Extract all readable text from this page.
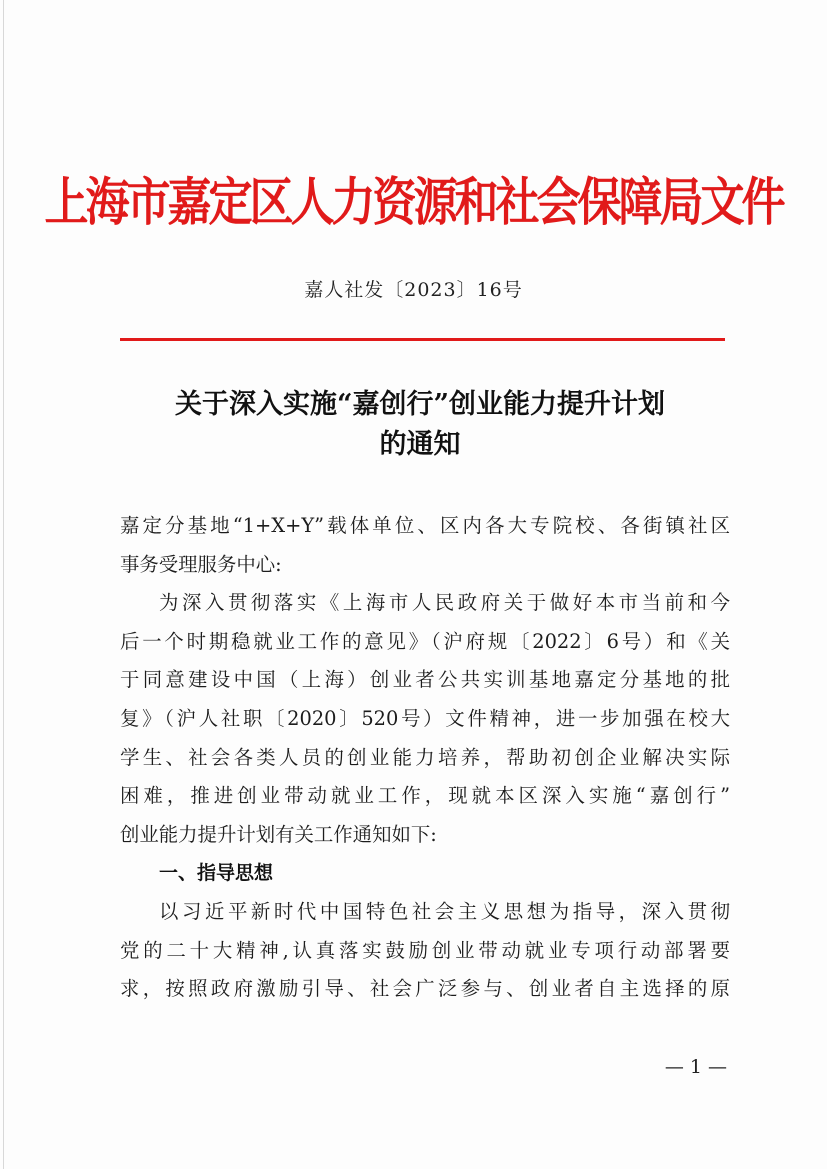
上海市嘉定区人力资源和社会保障局文件
嘉人社发〔2023〕16号
关于深入实施“嘉创行”创业能力提升计划
的通知
嘉定分基地“1+X+Y”载体单位、区内各大专院校、各街镇社区
事务受理服务中心:
为深入贯彻落实《上海市人民政府关于做好本市当前和今
后一个时期稳就业工作的意见》（沪府规〔2022〕6号）和《关
于同意建设中国（上海）创业者公共实训基地嘉定分基地的批
复》（沪人社职〔2020〕520号）文件精神，进一步加强在校大
学生、社会各类人员的创业能力培养，帮助初创企业解决实际
困难，推进创业带动就业工作，现就本区深入实施“嘉创行”
创业能力提升计划有关工作通知如下:
一、指导思想
以习近平新时代中国特色社会主义思想为指导，深入贯彻
党的二十大精神,认真落实鼓励创业带动就业专项行动部署要
求，按照政府激励引导、社会广泛参与、创业者自主选择的原
— 1 —
